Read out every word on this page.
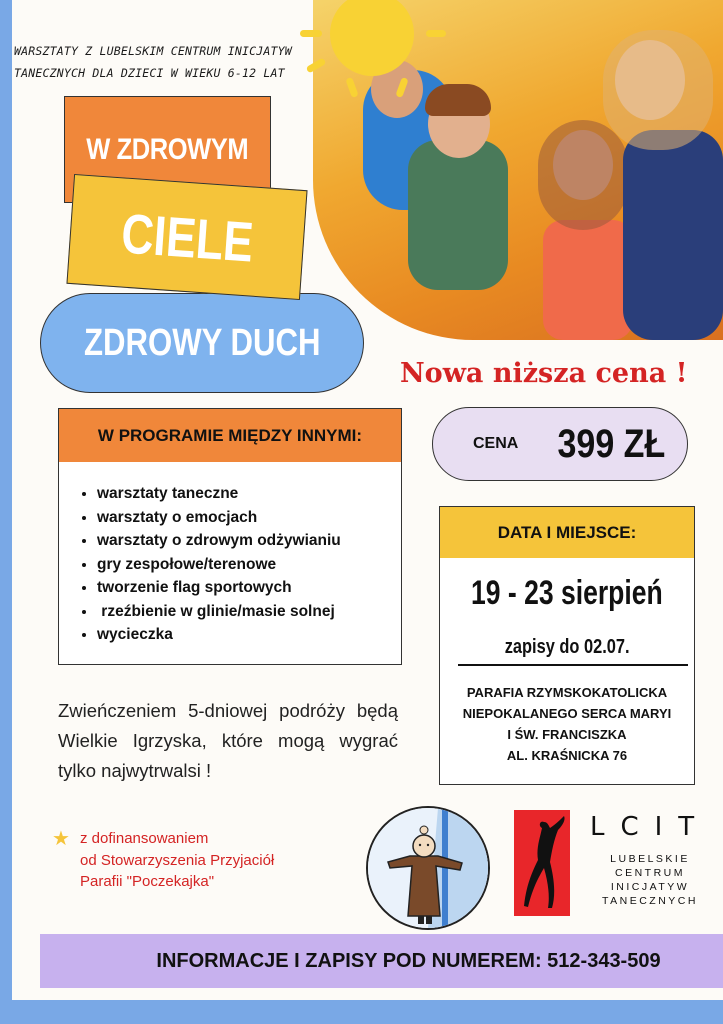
WARSZTATY Z LUBELSKIM CENTRUM INICJATYW
TANECZNYCH DLA DZIECI W WIEKU 6-12 LAT
W ZDROWYM
ZDROWY DUCH
CIELE
Nowa niższa cena !
CENA 399 ZŁ
W PROGRAMIE MIĘDZY INNYMI:
• warsztaty taneczne
• warsztaty o emocjach
• warsztaty o zdrowym odżywianiu
• gry zespołowe/terenowe
• tworzenie flag sportowych
•  rzeźbienie w glinie/masie solnej
• wycieczka
DATA I MIEJSCE:
19 - 23 sierpień
zapisy do 02.07.
PARAFIA RZYMSKOKATOLICKA
NIEPOKALANEGO SERCA MARYI
I ŚW. FRANCISZKA
AL. KRAŚNICKA 76
Zwieńczeniem 5-dniowej podróży będą Wielkie Igrzyska, które mogą wygrać tylko najwytrwalsi !
★ z dofinansowaniem
od Stowarzyszenia Przyjaciół
Parafii "Poczekajka"
LCIT
LUBELSKIE
CENTRUM
INICJATYW
TANECZNYCH
INFORMACJE I ZAPISY POD NUMEREM: 512-343-509
